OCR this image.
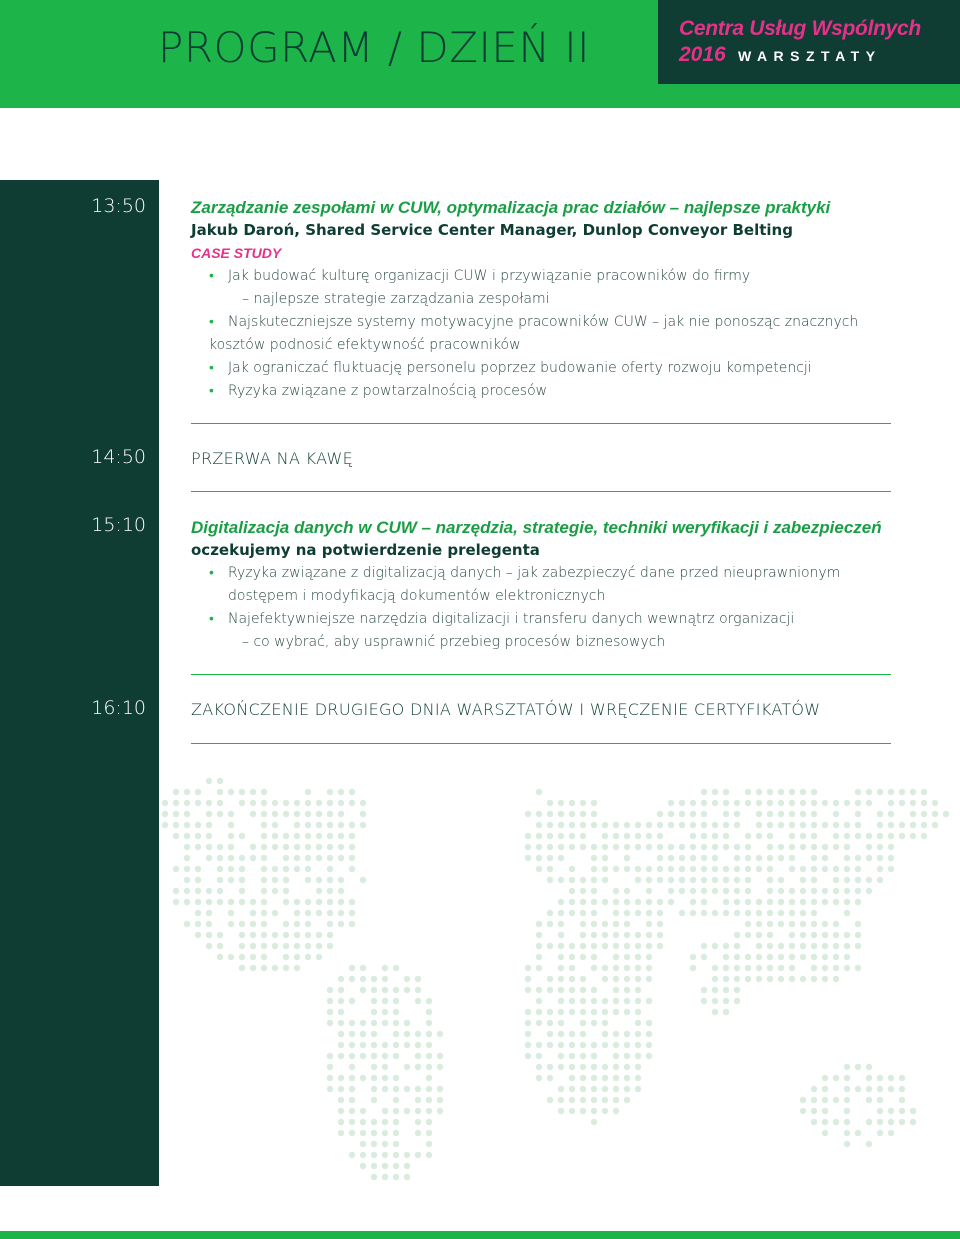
PROGRAM / DZIEŃ II	Centra Usług Wspólnych
2016 WARSZTATY
13:50
14:50
15:10
16:10
Zarządzanie zespołami w CUW, optymalizacja prac działów – najlepsze praktyki
Jakub Daroń, Shared Service Center Manager, Dunlop Conveyor Belting
CASE STUDY
• Jak budować kulturę organizacji CUW i przywiązanie pracowników do firmy
– najlepsze strategie zarządzania zespołami
• Najskuteczniejsze systemy motywacyjne pracowników CUW – jak nie ponosząc znacznych
kosztów podnosić efektywność pracowników
• Jak ograniczać fluktuację personelu poprzez budowanie oferty rozwoju kompetencji
• Ryzyka związane z powtarzalnością procesów
PRZERWA NA KAWĘ
Digitalizacja danych w CUW – narzędzia, strategie, techniki weryfikacji i zabezpieczeń
oczekujemy na potwierdzenie prelegenta
• Ryzyka związane z digitalizacją danych – jak zabezpieczyć dane przed nieuprawnionym
dostępem i modyfikacją dokumentów elektronicznych
• Najefektywniejsze narzędzia digitalizacji i transferu danych wewnątrz organizacji
– co wybrać, aby usprawnić przebieg procesów biznesowych
ZAKOŃCZENIE DRUGIEGO DNIA WARSZTATÓW I WRĘCZENIE CERTYFIKATÓW
